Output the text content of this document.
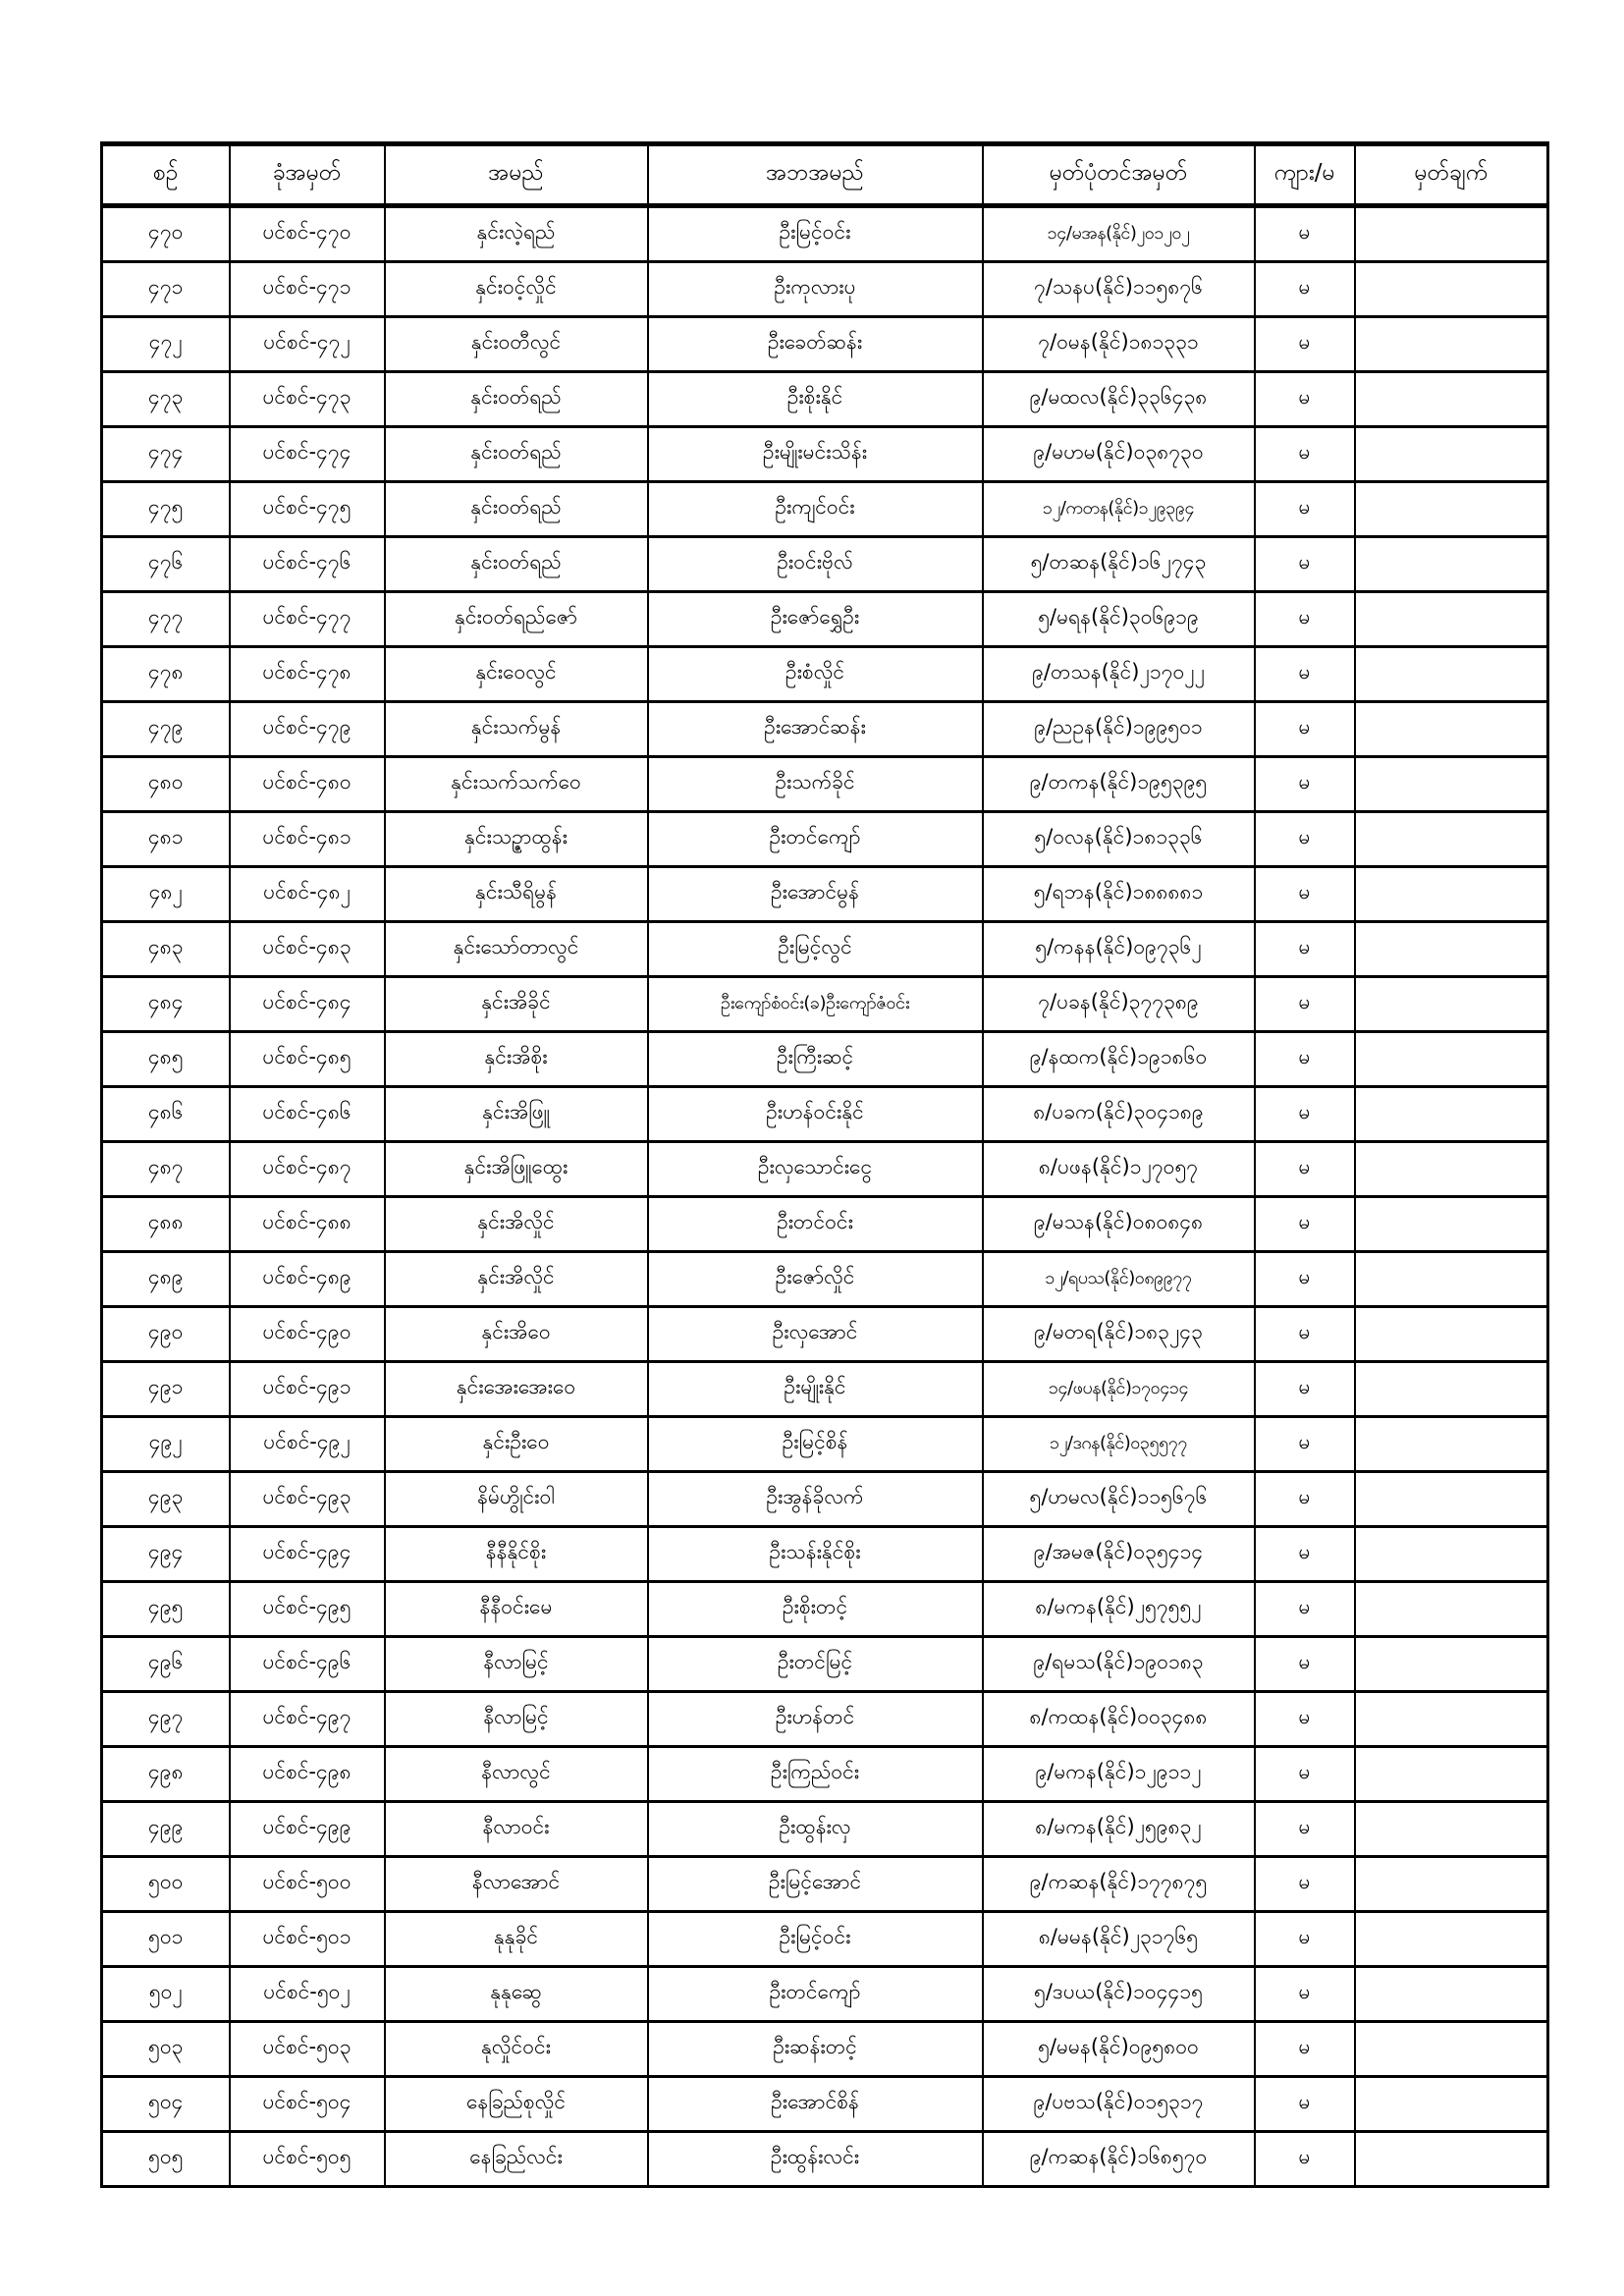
စဉ်	ခုံအမှတ်	အမည်	အဘအမည်	မှတ်ပုံတင်အမှတ်	ကျား/မ	မှတ်ချက်
၄၇၀	ပင်စင်-၄၇၀	နှင်းလဲ့ရည်	ဦးမြင့်ဝင်း	၁၄/မအန(နိုင်)၂၀၁၂၀၂	မ	
၄၇၁	ပင်စင်-၄၇၁	နှင်းဝင့်လှိုင်	ဦးကုလားပု	၇/သနပ(နိုင်)၁၁၅၈၇၆	မ	
၄၇၂	ပင်စင်-၄၇၂	နှင်းဝတီလွင်	ဦးခေတ်ဆန်း	၇/ဝမန(နိုင်)၁၈၁၃၃၁	မ	
၄၇၃	ပင်စင်-၄၇၃	နှင်းဝတ်ရည်	ဦးစိုးနိုင်	၉/မထလ(နိုင်)၃၃၆၄၃၈	မ	
၄၇၄	ပင်စင်-၄၇၄	နှင်းဝတ်ရည်	ဦးမျိုးမင်းသိန်း	၉/မဟမ(နိုင်)၀၃၈၇၃၀	မ	
၄၇၅	ပင်စင်-၄၇၅	နှင်းဝတ်ရည်	ဦးကျင်ဝင်း	၁၂/ကတန(နိုင်)၁၂၉၃၉၄	မ	
၄၇၆	ပင်စင်-၄၇၆	နှင်းဝတ်ရည်	ဦးဝင်းဗိုလ်	၅/တဆန(နိုင်)၁၆၂၇၄၃	မ	
၄၇၇	ပင်စင်-၄၇၇	နှင်းဝတ်ရည်ဇော်	ဦးဇော်ရွှေဦး	၅/မရန(နိုင်)၃၀၆၉၁၉	မ	
၄၇၈	ပင်စင်-၄၇၈	နှင်းဝေလွင်	ဦးစံလှိုင်	၉/တသန(နိုင်)၂၁၇၀၂၂	မ	
၄၇၉	ပင်စင်-၄၇၉	နှင်းသက်မွန်	ဦးအောင်ဆန်း	၉/ညဥန(နိုင်)၁၉၉၅၀၁	မ	
၄၈၀	ပင်စင်-၄၈၀	နှင်းသက်သက်ဝေ	ဦးသက်ခိုင်	၉/တကန(နိုင်)၁၉၅၃၉၅	မ	
၄၈၁	ပင်စင်-၄၈၁	နှင်းသဉ္ဇာထွန်း	ဦးတင်ကျော်	၅/ဝလန(နိုင်)၁၈၁၃၃၆	မ	
၄၈၂	ပင်စင်-၄၈၂	နှင်းသီရိမွန်	ဦးအောင်မွန်	၅/ရဘန(နိုင်)၁၈၈၈၈၁	မ	
၄၈၃	ပင်စင်-၄၈၃	နှင်းသော်တာလွင်	ဦးမြင့်လွင်	၅/ကနန(နိုင်)၀၉၇၃၆၂	မ	
၄၈၄	ပင်စင်-၄၈၄	နှင်းအိခိုင်	ဦးကျော်စံဝင်း(ခ)ဦးကျော်ဇံဝင်း	၇/ပခန(နိုင်)၃၇၇၃၈၉	မ	
၄၈၅	ပင်စင်-၄၈၅	နှင်းအိစိုး	ဦးကြီးဆင့်	၉/နထက(နိုင်)၁၉၁၈၆၀	မ	
၄၈၆	ပင်စင်-၄၈၆	နှင်းအိဖြူ	ဦးဟန်ဝင်းနိုင်	၈/ပခက(နိုင်)၃၀၄၁၈၉	မ	
၄၈၇	ပင်စင်-၄၈၇	နှင်းအိဖြူထွေး	ဦးလှသောင်းငွေ	၈/ပဖန(နိုင်)၁၂၇၀၅၇	မ	
၄၈၈	ပင်စင်-၄၈၈	နှင်းအိလှိုင်	ဦးတင်ဝင်း	၉/မသန(နိုင်)၀၈၀၈၄၈	မ	
၄၈၉	ပင်စင်-၄၈၉	နှင်းအိလှိုင်	ဦးဇော်လှိုင်	၁၂/ရပသ(နိုင်)၀၈၉၉၇၇	မ	
၄၉၀	ပင်စင်-၄၉၀	နှင်းအိဝေ	ဦးလှအောင်	၉/မတရ(နိုင်)၁၈၃၂၄၃	မ	
၄၉၁	ပင်စင်-၄၉၁	နှင်းအေးအေးဝေ	ဦးမျိုးနိုင်	၁၄/ဖပန(နိုင်)၁၇၀၄၁၄	မ	
၄၉၂	ပင်စင်-၄၉၂	နှင်းဦးဝေ	ဦးမြင့်စိန်	၁၂/ဒဂန(နိုင်)၀၃၅၅၇၇	မ	
၄၉၃	ပင်စင်-၄၉၃	နိမ်ဟွိုင်းဝါ	ဦးအွန်ခိုလက်	၅/ဟမလ(နိုင်)၁၁၅၆၇၆	မ	
၄၉၄	ပင်စင်-၄၉၄	နီနီနိုင်စိုး	ဦးသန်းနိုင်စိုး	၉/အမဇ(နိုင်)၀၃၅၄၁၄	မ	
၄၉၅	ပင်စင်-၄၉၅	နီနီဝင်းမေ	ဦးစိုးတင့်	၈/မကန(နိုင်)၂၅၇၅၅၂	မ	
၄၉၆	ပင်စင်-၄၉၆	နီလာမြင့်	ဦးတင်မြင့်	၉/ရမသ(နိုင်)၁၉၀၁၈၃	မ	
၄၉၇	ပင်စင်-၄၉၇	နီလာမြင့်	ဦးဟန်တင်	၈/ကထန(နိုင်)၀၀၃၄၈၈	မ	
၄၉၈	ပင်စင်-၄၉၈	နီလာလွင်	ဦးကြည်ဝင်း	၉/မကန(နိုင်)၁၂၉၁၁၂	မ	
၄၉၉	ပင်စင်-၄၉၉	နီလာဝင်း	ဦးထွန်းလှ	၈/မကန(နိုင်)၂၅၉၈၃၂	မ	
၅၀၀	ပင်စင်-၅၀၀	နီလာအောင်	ဦးမြင့်အောင်	၉/ကဆန(နိုင်)၁၇၇၈၇၅	မ	
၅၀၁	ပင်စင်-၅၀၁	နုနုခိုင်	ဦးမြင့်ဝင်း	၈/မမန(နိုင်)၂၃၁၇၆၅	မ	
၅၀၂	ပင်စင်-၅၀၂	နုနုဆွေ	ဦးတင်ကျော်	၅/ဒပယ(နိုင်)၁၀၄၄၁၅	မ	
၅၀၃	ပင်စင်-၅၀၃	နုလှိုင်ဝင်း	ဦးဆန်းတင့်	၅/မမန(နိုင်)၀၉၅၈၀၀	မ	
၅၀၄	ပင်စင်-၅၀၄	နေခြည်စုလှိုင်	ဦးအောင်စိန်	၉/ပဗသ(နိုင်)၀၁၅၃၁၇	မ	
၅၀၅	ပင်စင်-၅၀၅	နေခြည်လင်း	ဦးထွန်းလင်း	၉/ကဆန(နိုင်)၁၆၈၅၇၀	မ	
